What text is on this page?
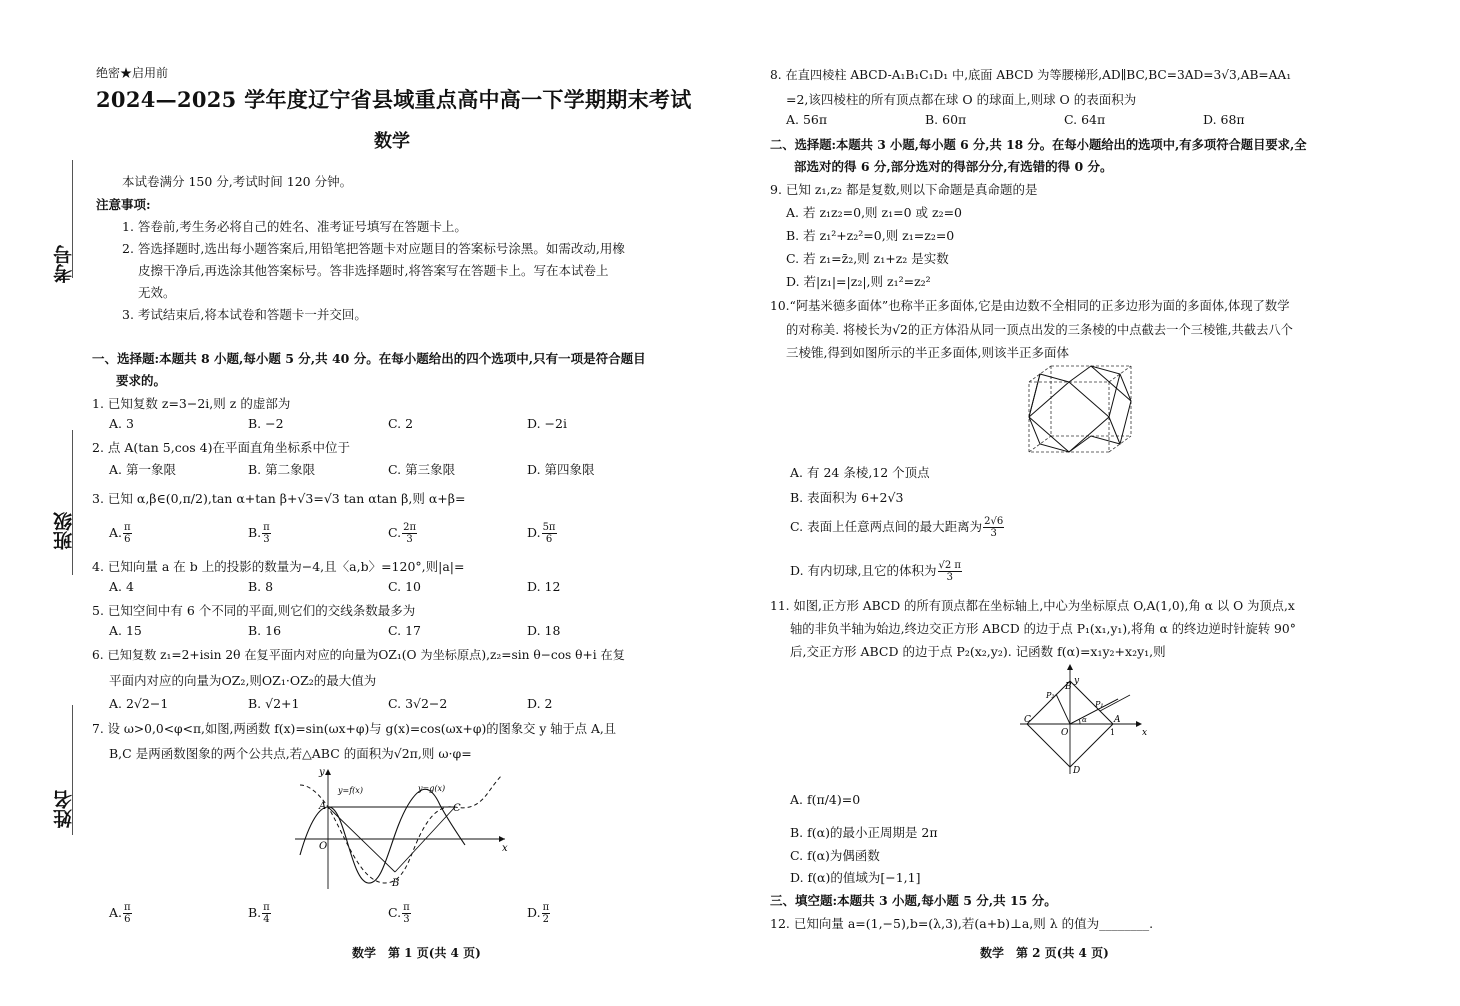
考号
班级
姓名
绝密★启用前
2024—2025 学年度辽宁省县域重点高中高一下学期期末考试
数学
本试卷满分 150 分,考试时间 120 分钟。
注意事项:
1. 答卷前,考生务必将自己的姓名、准考证号填写在答题卡上。
2. 答选择题时,选出每小题答案后,用铅笔把答题卡对应题目的答案标号涂黑。如需改动,用橡
皮擦干净后,再选涂其他答案标号。答非选择题时,将答案写在答题卡上。写在本试卷上
无效。
3. 考试结束后,将本试卷和答题卡一并交回。
一、选择题:本题共 8 小题,每小题 5 分,共 40 分。在每小题给出的四个选项中,只有一项是符合题目
要求的。
1. 已知复数 z=3−2i,则 z 的虚部为
A. 3	B. −2	C. 2	D. −2i
2. 点 A(tan 5,cos 4)在平面直角坐标系中位于
A. 第一象限	B. 第二象限	C. 第三象限	D. 第四象限
3. 已知 α,β∈(0,π/2),tan α+tan β+√3=√3 tan αtan β,则 α+β=
A. $\frac{\pi}{6}$	B. $\frac{\pi}{3}$	C. $\frac{2\pi}{3}$	D. $\frac{5\pi}{6}$
4. 已知向量 a 在 b 上的投影的数量为−4,且〈a,b〉=120°,则|a|=
A. 4	B. 8	C. 10	D. 12
5. 已知空间中有 6 个不同的平面,则它们的交线条数最多为
A. 15	B. 16	C. 17	D. 18
6. 已知复数 z₁=2+isin 2θ 在复平面内对应的向量为OZ₁(O 为坐标原点),z₂=sin θ−cos θ+i 在复
平面内对应的向量为OZ₂,则OZ₁·OZ₂的最大值为
A. 2√2−1	B. √2+1	C. 3√2−2	D. 2
7. 设 ω>0,0<φ<π,如图,两函数 f(x)=sin(ωx+φ)与 g(x)=cos(ωx+φ)的图象交 y 轴于点 A,且
B,C 是两函数图象的两个公共点,若△ABC 的面积为√2π,则 ω·φ=
y
x
O
A
B
C
y=f(x)	y=g(x)
A. $\frac{\pi}{6}$	B. $\frac{\pi}{4}$	C. $\frac{\pi}{3}$	D. $\frac{\pi}{2}$
数学　第 1 页(共 4 页)
8. 在直四棱柱 ABCD-A₁B₁C₁D₁ 中,底面 ABCD 为等腰梯形,AD∥BC,BC=3AD=3√3,AB=AA₁
=2,该四棱柱的所有顶点都在球 O 的球面上,则球 O 的表面积为
A. 56π	B. 60π	C. 64π	D. 68π
二、选择题:本题共 3 小题,每小题 6 分,共 18 分。在每小题给出的选项中,有多项符合题目要求,全
部选对的得 6 分,部分选对的得部分分,有选错的得 0 分。
9. 已知 z₁,z₂ 都是复数,则以下命题是真命题的是
A. 若 z₁z₂=0,则 z₁=0 或 z₂=0
B. 若 z₁²+z₂²=0,则 z₁=z₂=0
C. 若 z₁=z̄₂,则 z₁+z₂ 是实数
D. 若|z₁|=|z₂|,则 z₁²=z₂²
10.“阿基米德多面体”也称半正多面体,它是由边数不全相同的正多边形为面的多面体,体现了数学
的对称美. 将棱长为√2的正方体沿从同一顶点出发的三条棱的中点截去一个三棱锥,共截去八个
三棱锥,得到如图所示的半正多面体,则该半正多面体
A. 有 24 条棱,12 个顶点
B. 表面积为 6+2√3
C. 表面上任意两点间的最大距离为 $\frac{2√6}{3}$
D. 有内切球,且它的体积为 $\frac{√2 \pi}{3}$
11. 如图,正方形 ABCD 的所有顶点都在坐标轴上,中心为坐标原点 O,A(1,0),角 α 以 O 为顶点,x
轴的非负半轴为始边,终边交正方形 ABCD 的边于点 P₁(x₁,y₁),将角 α 的终边逆时针旋转 90°
后,交正方形 ABCD 的边于点 P₂(x₂,y₂). 记函数 f(α)=x₁y₂+x₂y₁,则
y
x
O
A
B
C
D
P₁
P₂
1
α
A. f(π/4)=0
B. f(α)的最小正周期是 2π
C. f(α)为偶函数
D. f(α)的值域为[−1,1]
三、填空题:本题共 3 小题,每小题 5 分,共 15 分。
12. 已知向量 a=(1,−5),b=(λ,3),若(a+b)⊥a,则 λ 的值为________.
数学　第 2 页(共 4 页)
